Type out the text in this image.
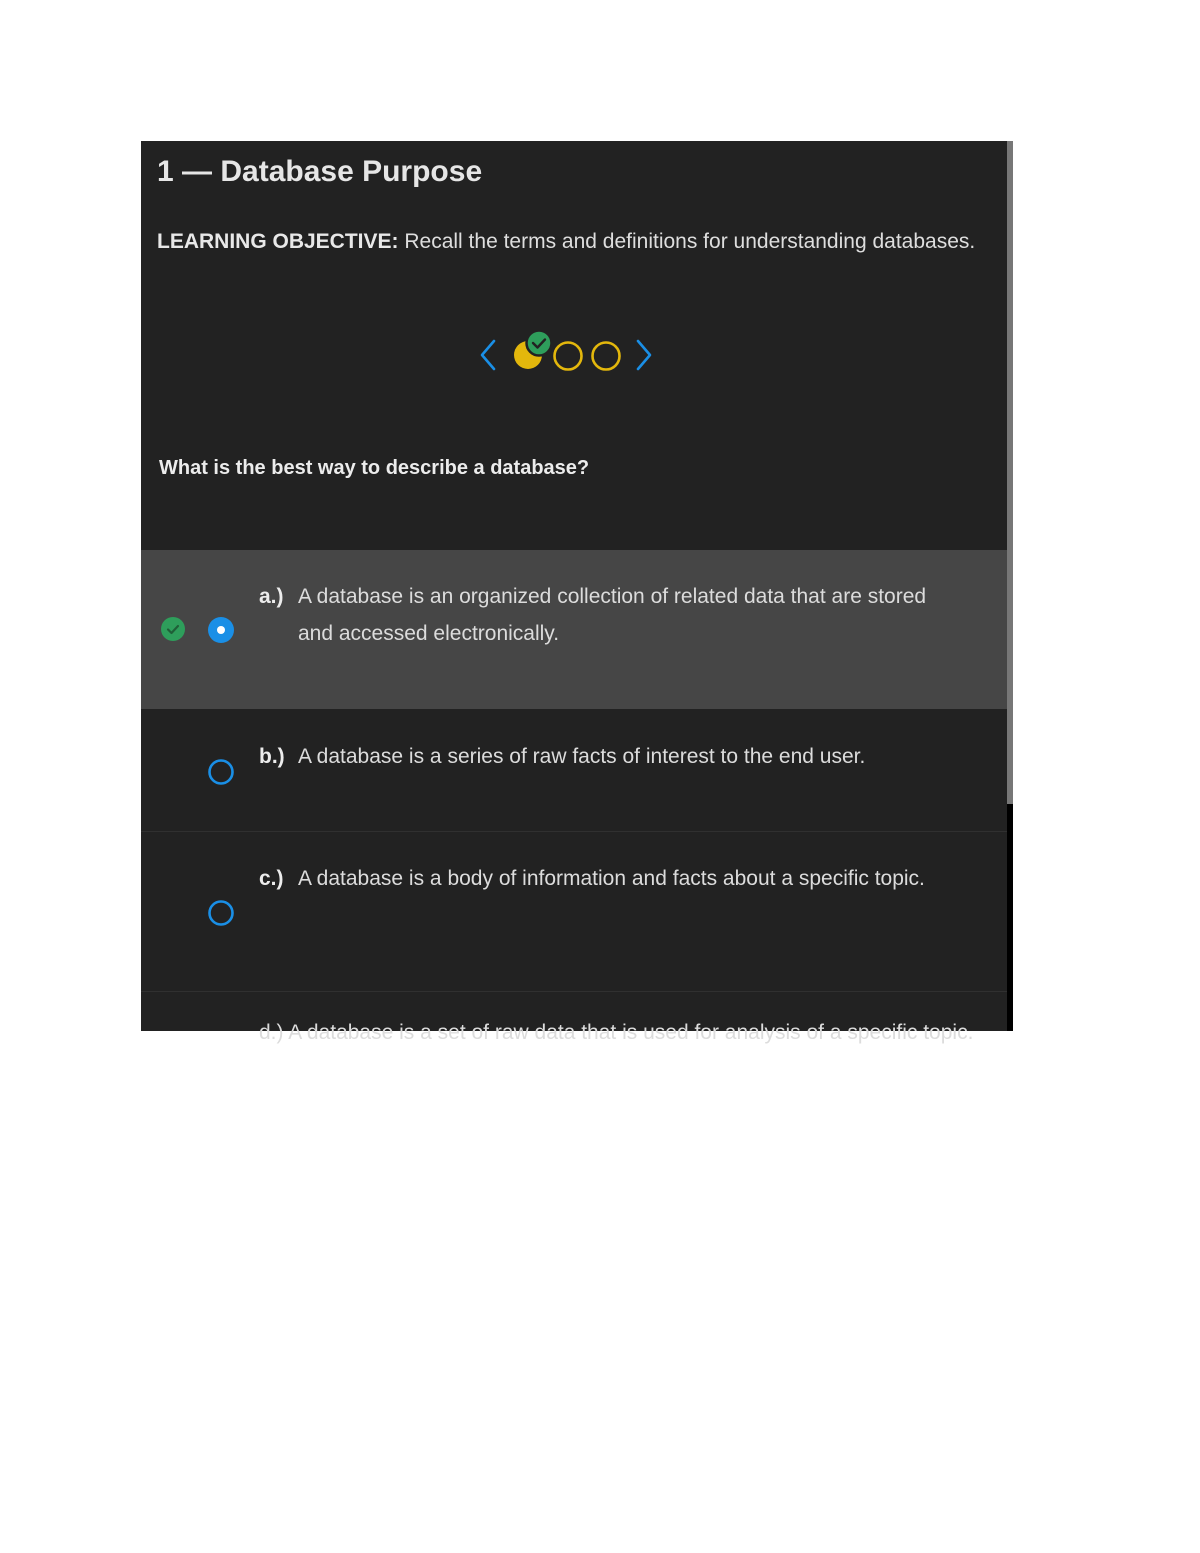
1 — Database Purpose
LEARNING OBJECTIVE: Recall the terms and definitions for understanding databases.
What is the best way to describe a database?
a.) A database is an organized collection of related data that are stored and accessed electronically.
b.) A database is a series of raw facts of interest to the end user.
c.) A database is a body of information and facts about a specific topic.
d.) A database is a set of raw data that is used for analysis of a specific topic.
